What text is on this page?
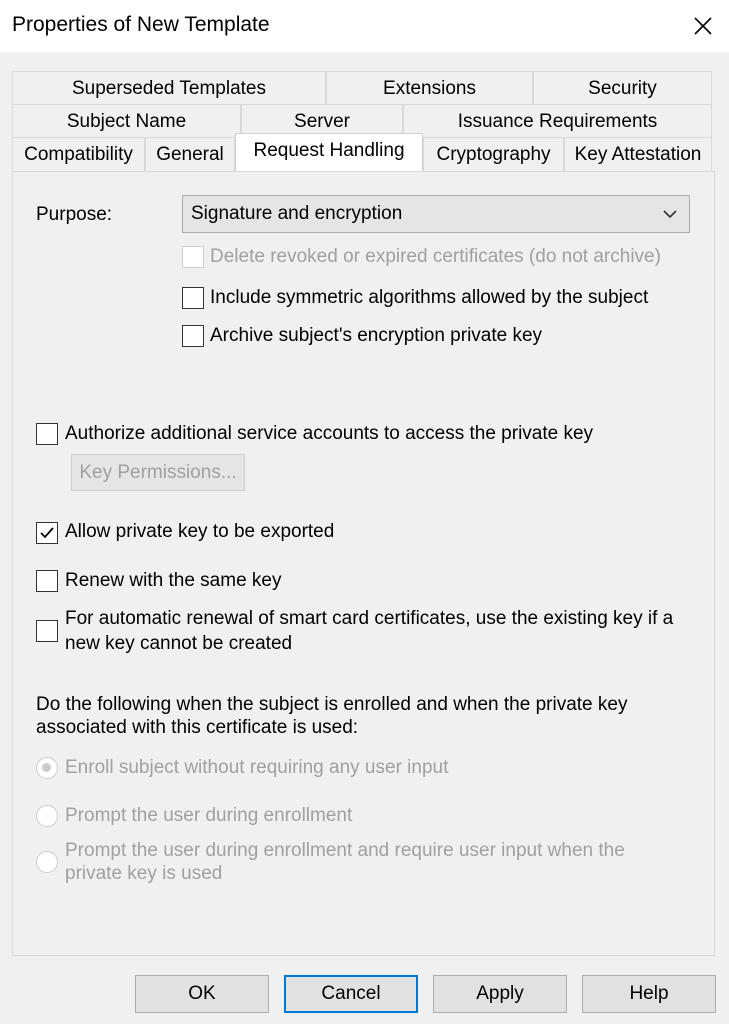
Properties of New Template
Superseded Templates	Extensions	Security
Subject Name	Server	Issuance Requirements
Compatibility General Request Handling Cryptography Key Attestation
Purpose:	Signature and encryption
Delete revoked or expired certificates (do not archive)
Include symmetric algorithms allowed by the subject
Archive subject's encryption private key
Authorize additional service accounts to access the private key
Key Permissions...
Allow private key to be exported
Renew with the same key
For automatic renewal of smart card certificates, use the existing key if a
new key cannot be created
Do the following when the subject is enrolled and when the private key
associated with this certificate is used:
Enroll subject without requiring any user input
Prompt the user during enrollment
Prompt the user during enrollment and require user input when the
private key is used
OK	Cancel	Apply	Help
